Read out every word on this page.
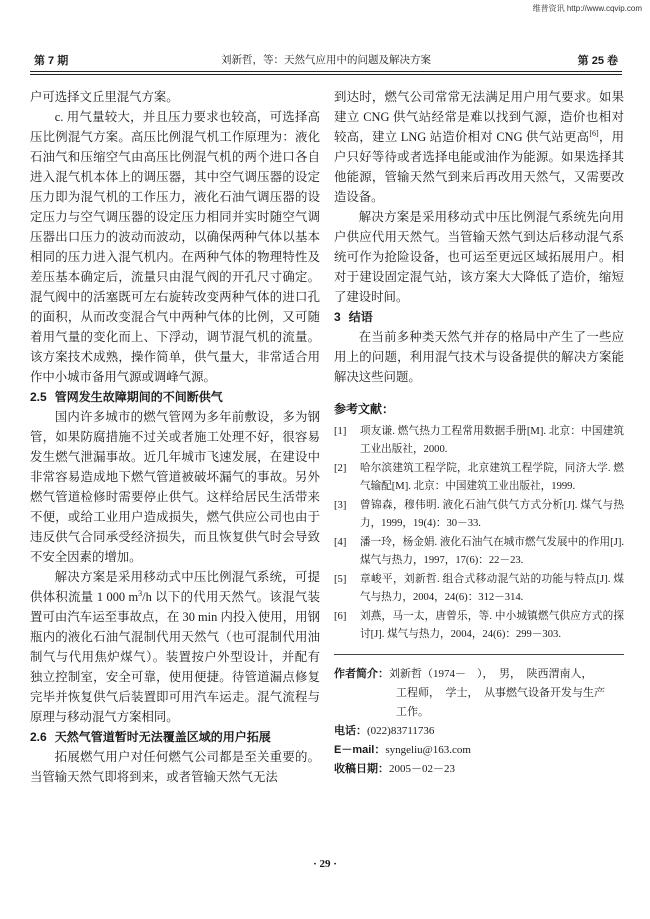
维普资讯 http://www.cqvip.com
第 7 期	刘新哲，等：天然气应用中的问题及解决方案	第 25 卷

户可选择文丘里混气方案。

c. 用气量较大，并且压力要求也较高，可选择高压比例混气方案。高压比例混气机工作原理为：液化石油气和压缩空气由高压比例混气机的两个进口各自进入混气机本体上的调压器，其中空气调压器的设定压力即为混气机的工作压力，液化石油气调压器的设定压力与空气调压器的设定压力相同并实时随空气调压器出口压力的波动而波动，以确保两种气体以基本相同的压力进入混气机内。在两种气体的物理特性及差压基本确定后，流量只由混气阀的开孔尺寸确定。混气阀中的活塞既可左右旋转改变两种气体的进口孔的面积，从而改变混合气中两种气体的比例，又可随着用气量的变化而上、下浮动，调节混气机的流量。该方案技术成熟，操作简单，供气量大，非常适合用作中小城市备用气源或调峰气源。

2.5 管网发生故障期间的不间断供气

国内许多城市的燃气管网为多年前敷设，多为钢管，如果防腐措施不过关或者施工处理不好，很容易发生燃气泄漏事故。近几年城市飞速发展，在建设中非常容易造成地下燃气管道被破坏漏气的事故。另外燃气管道检修时需要停止供气。这样给居民生活带来不便，或给工业用户造成损失，燃气供应公司也由于违反供气合同承受经济损失，而且恢复供气时会导致不安全因素的增加。

解决方案是采用移动式中压比例混气系统，可提供体积流量 1 000 $m^3/h$ 以下的代用天然气。该混气装置可由汽车运至事故点，在 30 min 内投入使用，用钢瓶内的液化石油气混制代用天然气（也可混制代用油制气与代用焦炉煤气）。装置按户外型设计，并配有独立控制室，安全可靠，使用便捷。待管道漏点修复完毕并恢复供气后装置即可用汽车运走。混气流程与原理与移动混气方案相同。

2.6 天然气管道暂时无法覆盖区域的用户拓展

拓展燃气用户对任何燃气公司都是至关重要的。当管输天然气即将到来，或者管输天然气无法

到达时，燃气公司常常无法满足用户用气要求。如果建立 CNG 供气站经常是难以找到气源，造价也相对较高，建立 LNG 站造价相对 CNG 供气站更高[6]，用户只好等待或者选择电能或油作为能源。如果选择其他能源，管输天然气到来后再改用天然气，又需要改造设备。

解决方案是采用移动式中压比例混气系统先向用户供应代用天然气。当管输天然气到达后移动混气系统可作为抢险设备，也可运至更远区域拓展用户。相对于建设固定混气站，该方案大大降低了造价，缩短了建设时间。

3 结语

在当前多种类天然气并存的格局中产生了一些应用上的问题，利用混气技术与设备提供的解决方案能解决这些问题。

参考文献：
[1]	项友谦. 燃气热力工程常用数据手册[M]. 北京：中国建筑工业出版社，2000.
[2]	哈尔滨建筑工程学院，北京建筑工程学院，同济大学. 燃气输配[M]. 北京：中国建筑工业出版社，1999.
[3]	曾锦森，穆伟明. 液化石油气供气方式分析[J]. 煤气与热力，1999，19(4)：30－33.
[4]	潘一玲，杨金娟. 液化石油气在城市燃气发展中的作用[J]. 煤气与热力，1997，17(6)：22－23.
[5]	章峻平，刘新哲. 组合式移动混气站的功能与特点[J]. 煤气与热力，2004，24(6)：312－314.
[6]	刘燕，马一太，唐曾乐，等. 中小城镇燃气供应方式的探讨[J]. 煤气与热力，2004，24(6)：299－303.
作者简介：刘新哲（1974－　），　男，　陕西渭南人，
工程师，　学士，　从事燃气设备开发与生产
工作。
电话：(022)83711736
E－mail：syngeliu@163.com
收稿日期：2005－02－23
· 29 ·
